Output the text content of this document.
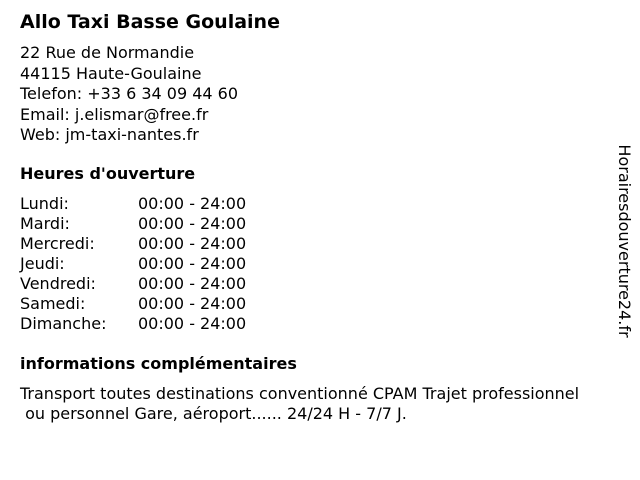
Allo Taxi Basse Goulaine
22 Rue de Normandie
44115 Haute-Goulaine
Telefon: +33 6 34 09 44 60
Email: j.elismar@free.fr
Web: jm-taxi-nantes.fr
Heures d'ouverture
Lundi:	00:00 - 24:00
Mardi:	00:00 - 24:00
Mercredi:	00:00 - 24:00
Jeudi:	00:00 - 24:00
Vendredi:	00:00 - 24:00
Samedi:	00:00 - 24:00
Dimanche: 00:00 - 24:00
informations complémentaires
Transport toutes destinations conventionné CPAM Trajet professionnel
ou personnel Gare, aéroport...... 24/24 H - 7/7 J.
Horairesdouverture24.fr
